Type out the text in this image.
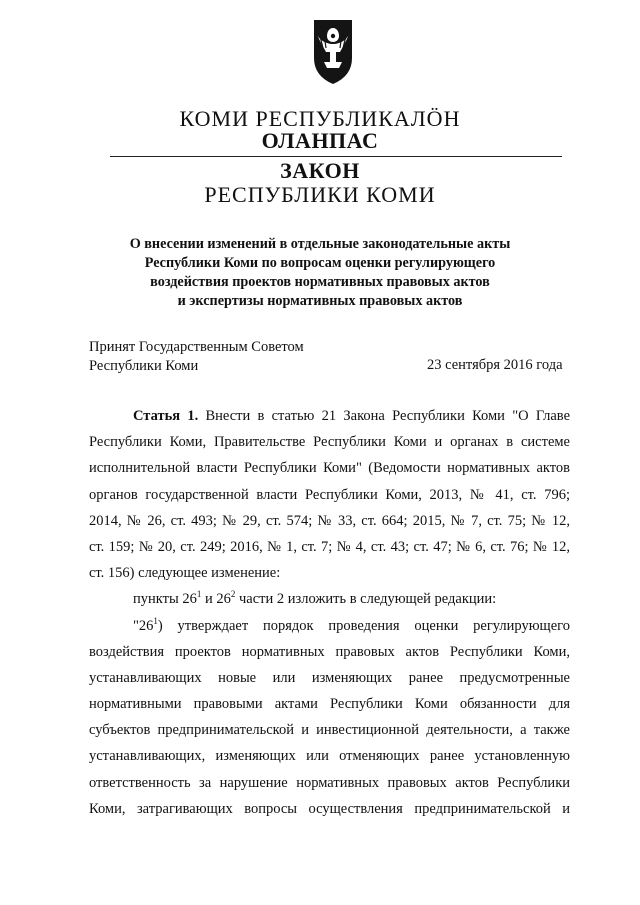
КОМИ РЕСПУБЛИКАЛÖН
ОЛАНПАС
ЗАКОН
РЕСПУБЛИКИ КОМИ
О внесении изменений в отдельные законодательные акты
Республики Коми по вопросам оценки регулирующего
воздействия проектов нормативных правовых актов
и экспертизы нормативных правовых актов
Принят Государственным Советом
Республики Коми	23 сентября 2016 года
Статья 1. Внести в статью 21 Закона Республики Коми "О Главе
Республики Коми, Правительстве Республики Коми и органах в системе
исполнительной власти Республики Коми" (Ведомости нормативных актов
органов государственной власти Республики Коми, 2013, № 41, ст. 796;
2014, № 26, ст. 493; № 29, ст. 574; № 33, ст. 664; 2015, № 7, ст. 75; № 12,
ст. 159; № 20, ст. 249; 2016, № 1, ст. 7; № 4, ст. 43; ст. 47; № 6, ст. 76; № 12,
ст. 156) следующее изменение:
пункты $26^1$ и $26^2$ части 2 изложить в следующей редакции:
"$26^1$) утверждает порядок проведения оценки регулирующего
воздействия проектов нормативных правовых актов Республики Коми,
устанавливающих новые или изменяющих ранее предусмотренные
нормативными правовыми актами Республики Коми обязанности для
субъектов предпринимательской и инвестиционной деятельности, а также
устанавливающих, изменяющих или отменяющих ранее установленную
ответственность за нарушение нормативных правовых актов Республики
Коми, затрагивающих вопросы осуществления предпринимательской и
